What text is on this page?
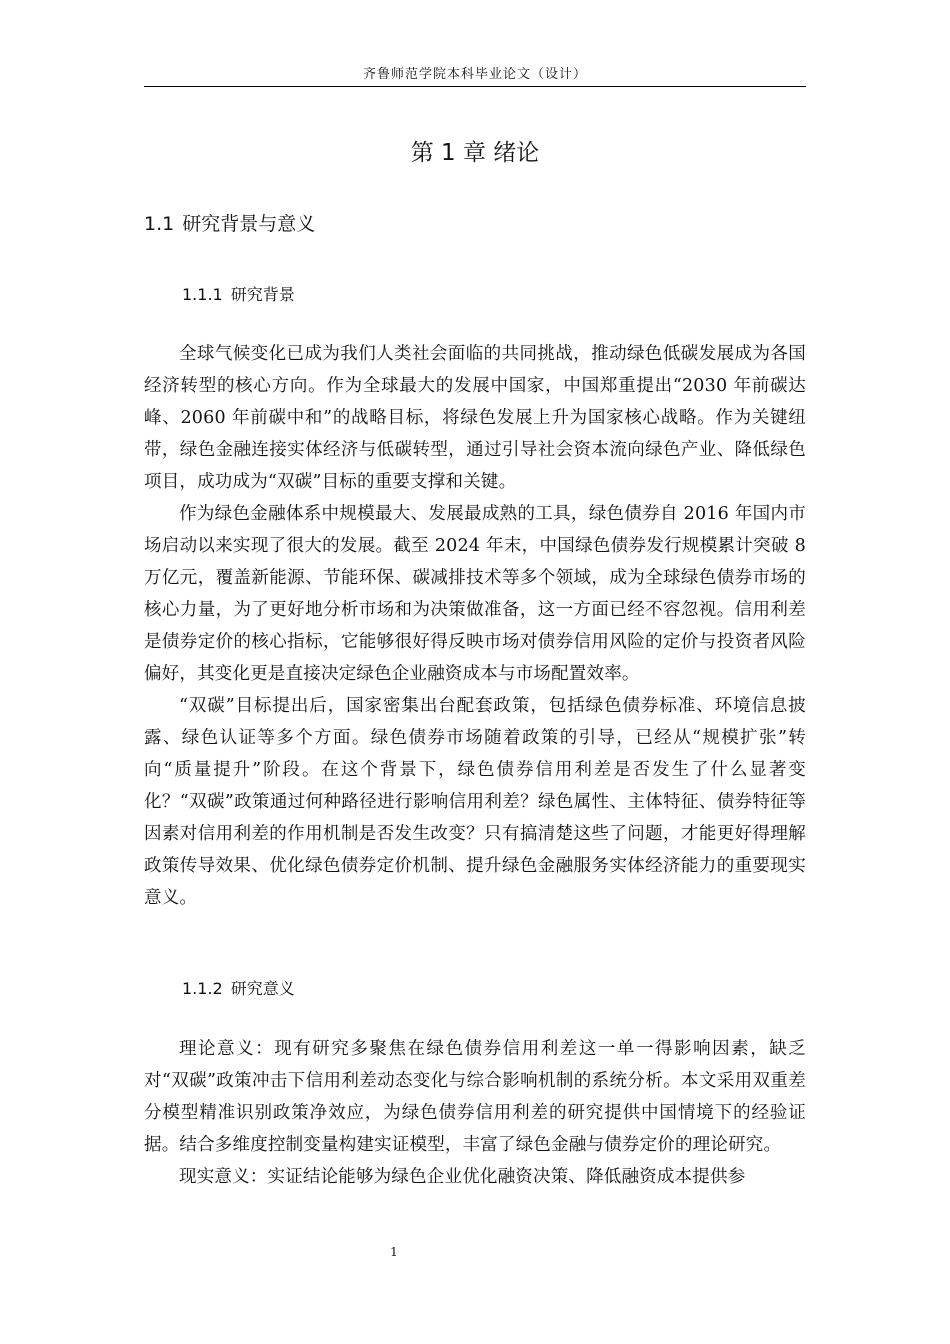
齐鲁师范学院本科毕业论文（设计）
第 1 章 绪论
1.1 研究背景与意义
1.1.1 研究背景

全球气候变化已成为我们人类社会面临的共同挑战，推动绿色低碳发展成为各国经济转型的核心方向。作为全球最大的发展中国家，中国郑重提出“2030 年前碳达峰、2060 年前碳中和”的战略目标，将绿色发展上升为国家核心战略。作为关键纽带，绿色金融连接实体经济与低碳转型，通过引导社会资本流向绿色产业、降低绿色项目，成功成为“双碳”目标的重要支撑和关键。

作为绿色金融体系中规模最大、发展最成熟的工具，绿色债券自 2016 年国内市场启动以来实现了很大的发展。截至 2024 年末，中国绿色债券发行规模累计突破 8 万亿元，覆盖新能源、节能环保、碳减排技术等多个领域，成为全球绿色债券市场的核心力量，为了更好地分析市场和为决策做准备，这一方面已经不容忽视。信用利差是债券定价的核心指标，它能够很好得反映市场对债券信用风险的定价与投资者风险偏好，其变化更是直接决定绿色企业融资成本与市场配置效率。

“双碳”目标提出后，国家密集出台配套政策，包括绿色债券标准、环境信息披露、绿色认证等多个方面。绿色债券市场随着政策的引导，已经从“规模扩张”转向“质量提升”阶段。在这个背景下，绿色债券信用利差是否发生了什么显著变化？“双碳”政策通过何种路径进行影响信用利差？绿色属性、主体特征、债券特征等因素对信用利差的作用机制是否发生改变？只有搞清楚这些了问题，才能更好得理解政策传导效果、优化绿色债券定价机制、提升绿色金融服务实体经济能力的重要现实意义。

1.1.2 研究意义

理论意义：现有研究多聚焦在绿色债券信用利差这一单一得影响因素，缺乏对“双碳”政策冲击下信用利差动态变化与综合影响机制的系统分析。本文采用双重差分模型精准识别政策净效应，为绿色债券信用利差的研究提供中国情境下的经验证据。结合多维度控制变量构建实证模型，丰富了绿色金融与债券定价的理论研究。

现实意义：实证结论能够为绿色企业优化融资决策、降低融资成本提供参

1
